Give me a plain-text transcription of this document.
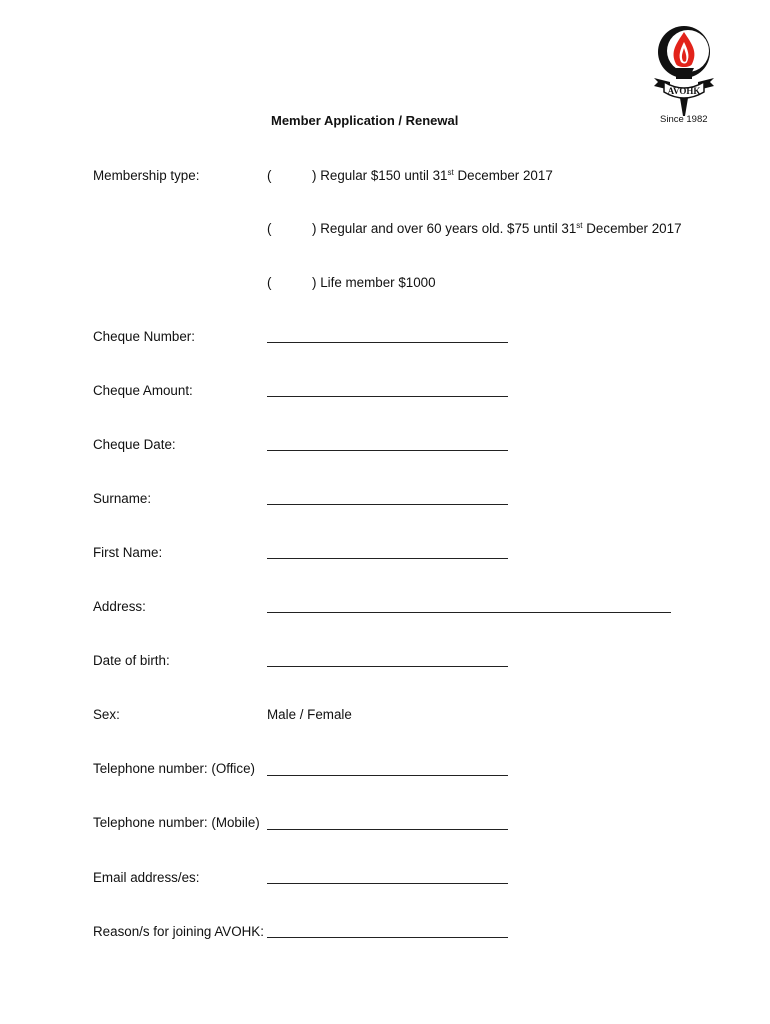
AVOHK
Since 1982
Member Application / Renewal
Membership type:	(	) Regular $150 until 31st December 2017
(	) Regular and over 60 years old. $75 until 31st December 2017
(	) Life member $1000
Cheque Number:
Cheque Amount:
Cheque Date:
Surname:
First Name:
Address:
Date of birth:
Sex:	Male / Female
Telephone number: (Office)
Telephone number: (Mobile)
Email address/es:
Reason/s for joining AVOHK:
